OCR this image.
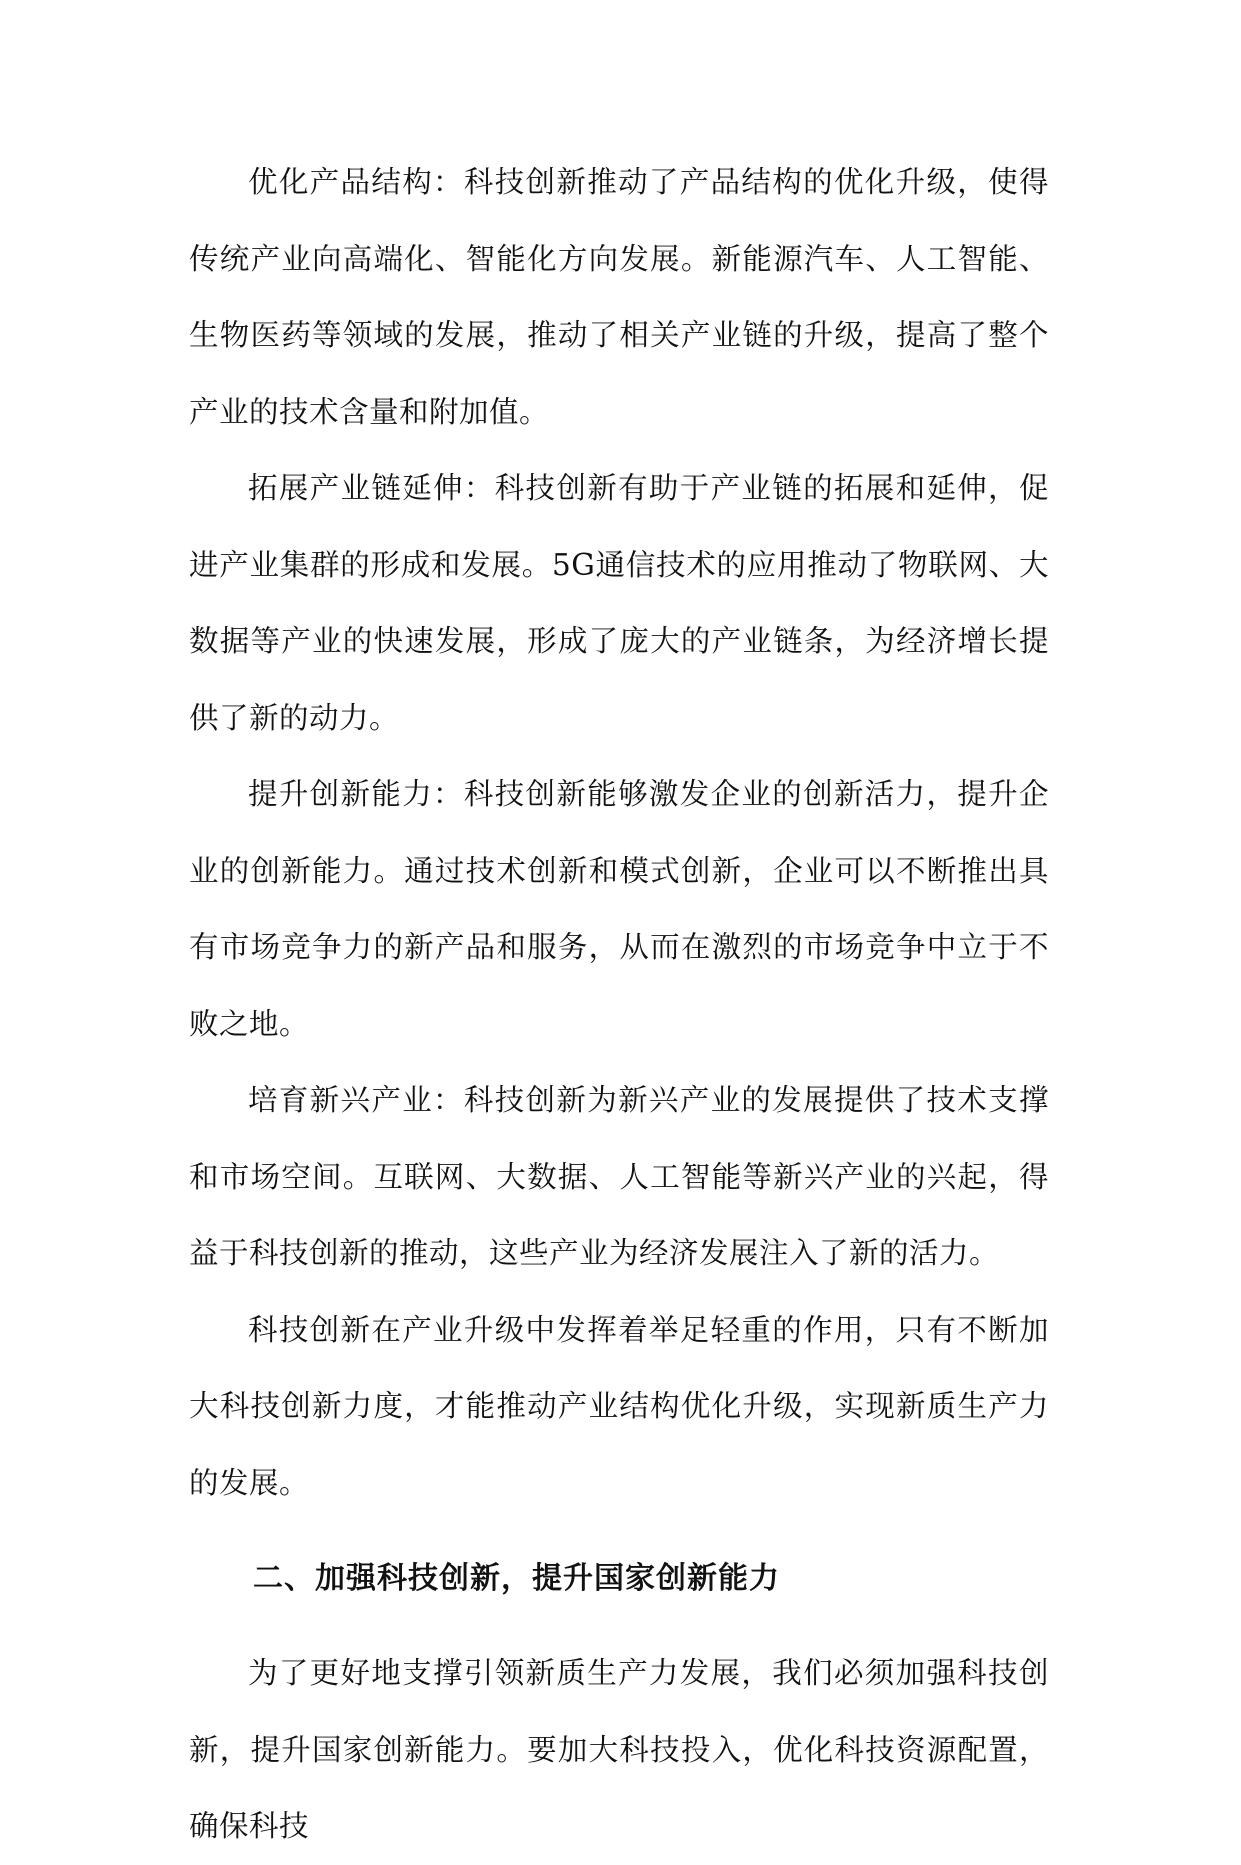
优化产品结构：科技创新推动了产品结构的优化升级，使得传统产业向高端化、智能化方向发展。新能源汽车、人工智能、生物医药等领域的发展，推动了相关产业链的升级，提高了整个产业的技术含量和附加值。

拓展产业链延伸：科技创新有助于产业链的拓展和延伸，促进产业集群的形成和发展。5G通信技术的应用推动了物联网、大数据等产业的快速发展，形成了庞大的产业链条，为经济增长提供了新的动力。

提升创新能力：科技创新能够激发企业的创新活力，提升企业的创新能力。通过技术创新和模式创新，企业可以不断推出具有市场竞争力的新产品和服务，从而在激烈的市场竞争中立于不败之地。

培育新兴产业：科技创新为新兴产业的发展提供了技术支撑和市场空间。互联网、大数据、人工智能等新兴产业的兴起，得益于科技创新的推动，这些产业为经济发展注入了新的活力。

科技创新在产业升级中发挥着举足轻重的作用，只有不断加大科技创新力度，才能推动产业结构优化升级，实现新质生产力的发展。

二、加强科技创新，提升国家创新能力

为了更好地支撑引领新质生产力发展，我们必须加强科技创新，提升国家创新能力。要加大科技投入，优化科技资源配置，确保科技
